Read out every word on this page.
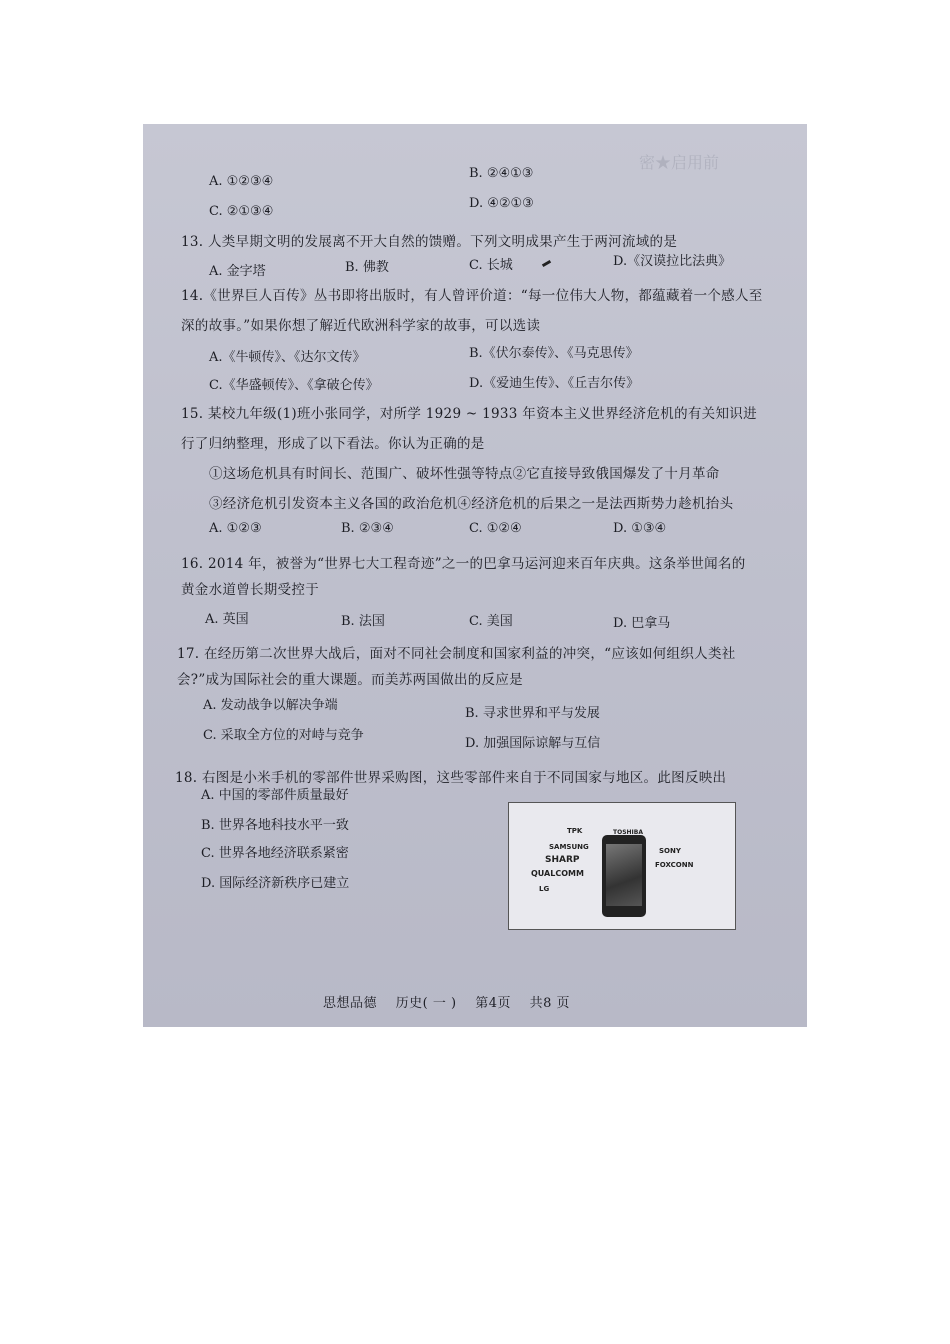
密★启用前
A. ①②③④
B. ②④①③
C. ②①③④
D. ④②①③
13. 人类早期文明的发展离不开大自然的馈赠。下列文明成果产生于两河流域的是
A. 金字塔	B. 佛教	C. 长城	D.《汉谟拉比法典》
14.《世界巨人百传》丛书即将出版时，有人曾评价道：“每一位伟大人物，都蕴藏着一个感人至
深的故事。”如果你想了解近代欧洲科学家的故事，可以选读
A.《牛顿传》、《达尔文传》	B.《伏尔泰传》、《马克思传》
C.《华盛顿传》、《拿破仑传》	D.《爱迪生传》、《丘吉尔传》
15. 某校九年级(1)班小张同学，对所学 1929 ~ 1933 年资本主义世界经济危机的有关知识进
行了归纳整理，形成了以下看法。你认为正确的是
①这场危机具有时间长、范围广、破坏性强等特点②它直接导致俄国爆发了十月革命
③经济危机引发资本主义各国的政治危机④经济危机的后果之一是法西斯势力趁机抬头
A. ①②③	B. ②③④	C. ①②④	D. ①③④
16. 2014 年，被誉为“世界七大工程奇迹”之一的巴拿马运河迎来百年庆典。这条举世闻名的
黄金水道曾长期受控于
A. 英国	B. 法国	C. 美国	D. 巴拿马
17. 在经历第二次世界大战后，面对不同社会制度和国家利益的冲突，“应该如何组织人类社
会?”成为国际社会的重大课题。而美苏两国做出的反应是
A. 发动战争以解决争端
B. 寻求世界和平与发展
C. 采取全方位的对峙与竞争
D. 加强国际谅解与互信
18. 右图是小米手机的零部件世界采购图，这些零部件来自于不同国家与地区。此图反映出
A. 中国的零部件质量最好
B. 世界各地科技水平一致
C. 世界各地经济联系紧密
D. 国际经济新秩序已建立
TPK
SAMSUNG
SHARP
QUALCOMM
LG
TOSHIBA
SONY
FOXCONN
思想品德 历史( 一 ) 第4页 共8 页
